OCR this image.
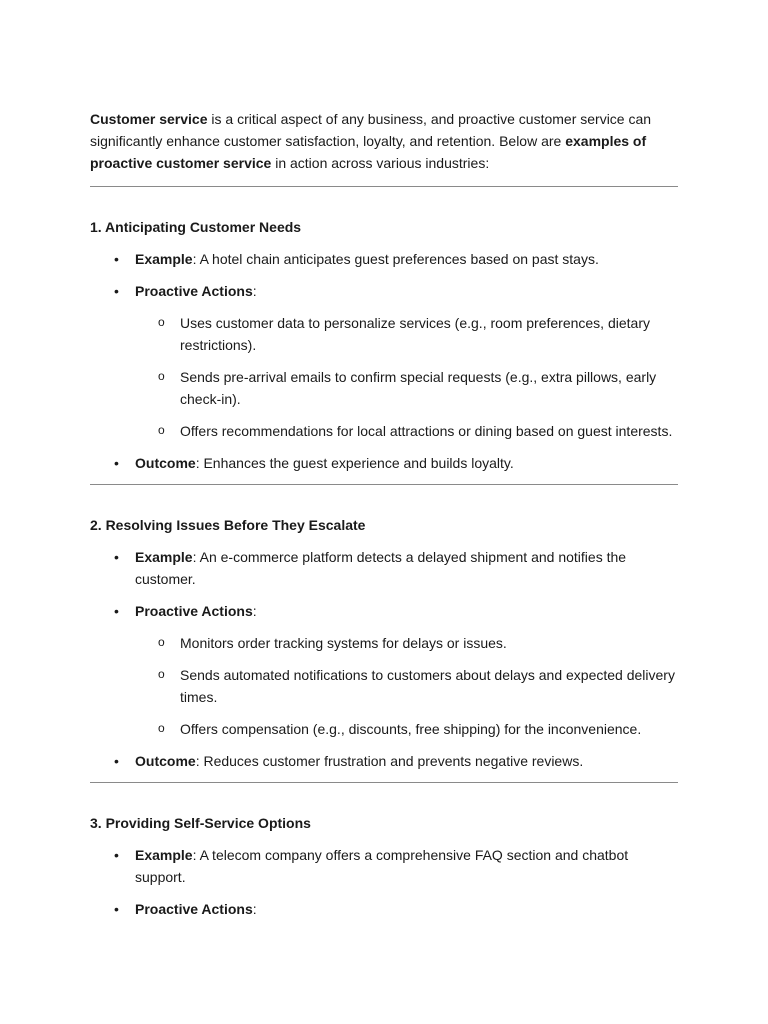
Customer service is a critical aspect of any business, and proactive customer service can significantly enhance customer satisfaction, loyalty, and retention. Below are examples of proactive customer service in action across various industries:

1. Anticipating Customer Needs

• Example: A hotel chain anticipates guest preferences based on past stays.
• Proactive Actions:
o Uses customer data to personalize services (e.g., room preferences, dietary restrictions).
o Sends pre-arrival emails to confirm special requests (e.g., extra pillows, early check-in).
o Offers recommendations for local attractions or dining based on guest interests.
• Outcome: Enhances the guest experience and builds loyalty.

2. Resolving Issues Before They Escalate

• Example: An e-commerce platform detects a delayed shipment and notifies the customer.
• Proactive Actions:
o Monitors order tracking systems for delays or issues.
o Sends automated notifications to customers about delays and expected delivery times.
o Offers compensation (e.g., discounts, free shipping) for the inconvenience.
• Outcome: Reduces customer frustration and prevents negative reviews.

3. Providing Self-Service Options

• Example: A telecom company offers a comprehensive FAQ section and chatbot support.
• Proactive Actions:
